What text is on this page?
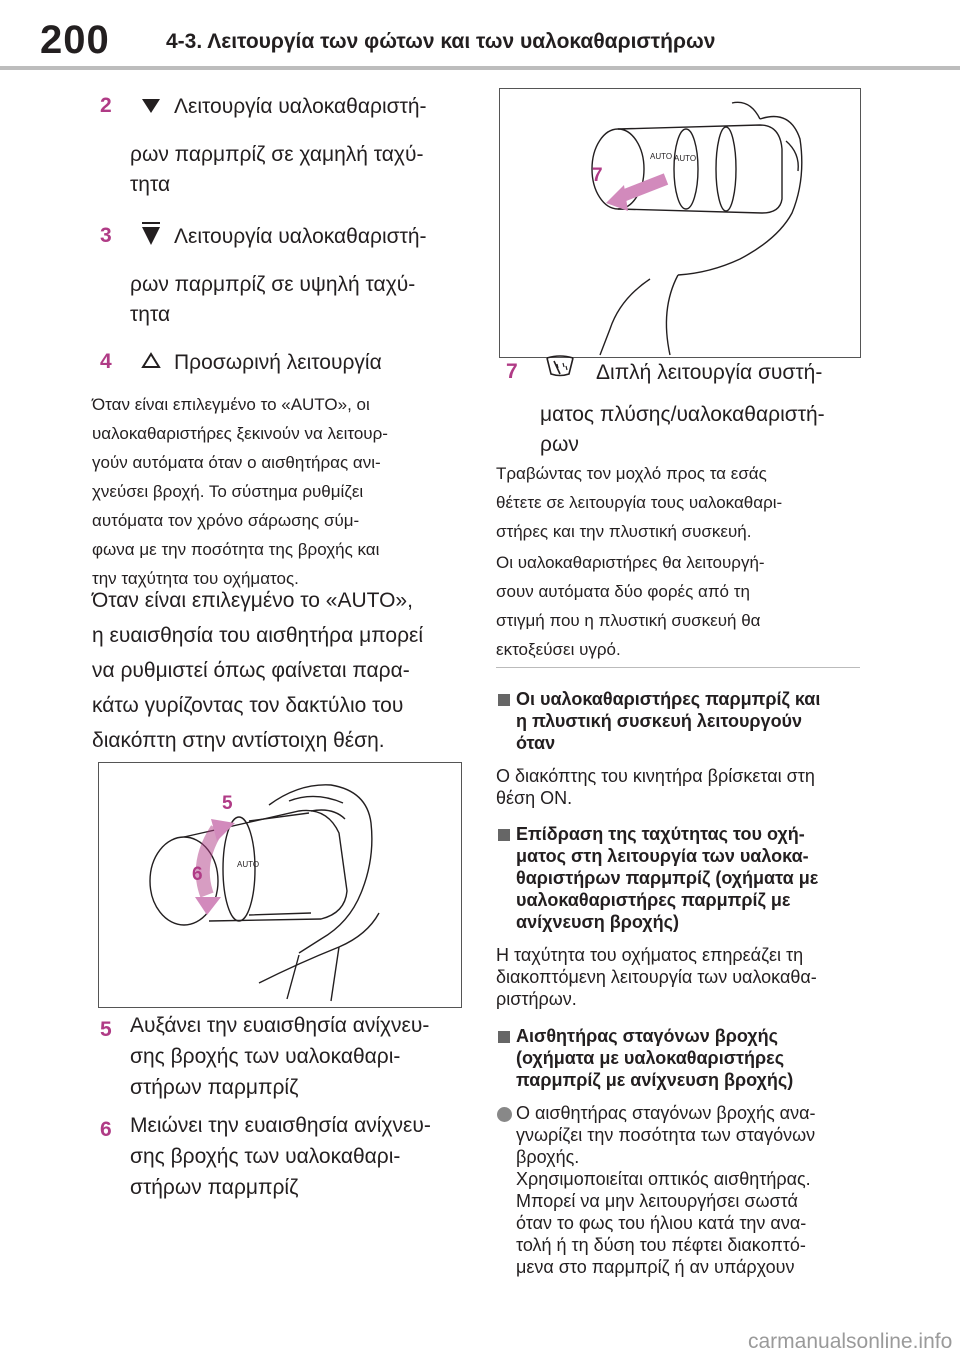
200	4-3. Λειτουργία των φώτων και των υαλοκαθαριστήρων
2	Λειτουργία υαλοκαθαριστή-
ρων παρμπρίζ σε χαμηλή ταχύ-
τητα
3	Λειτουργία υαλοκαθαριστή-
ρων παρμπρίζ σε υψηλή ταχύ-
τητα
4	Προσωρινή λειτουργία
Όταν είναι επιλεγμένο το «AUTO», οι
υαλοκαθαριστήρες ξεκινούν να λειτουρ-
γούν αυτόματα όταν ο αισθητήρας ανι-
χνεύσει βροχή. Το σύστημα ρυθμίζει
αυτόματα τον χρόνο σάρωσης σύμ-
φωνα με την ποσότητα της βροχής και
την ταχύτητα του οχήματος.
Όταν είναι επιλεγμένο το «AUTO»,
η ευαισθησία του αισθητήρα μπορεί
να ρυθμιστεί όπως φαίνεται παρα-
κάτω γυρίζοντας τον δακτύλιο του
διακόπτη στην αντίστοιχη θέση.
AUTO
5
6
5 Αυξάνει την ευαισθησία ανίχνευ-
σης βροχής των υαλοκαθαρι-
στήρων παρμπρίζ
6 Μειώνει την ευαισθησία ανίχνευ-
σης βροχής των υαλοκαθαρι-
στήρων παρμπρίζ
AUTO AUTO
7
7	Διπλή λειτουργία συστή-
ματος πλύσης/υαλοκαθαριστή-
ρων
Τραβώντας τον μοχλό προς τα εσάς
θέτετε σε λειτουργία τους υαλοκαθαρι-
στήρες και την πλυστική συσκευή.
Οι υαλοκαθαριστήρες θα λειτουργή-
σουν αυτόματα δύο φορές από τη
στιγμή που η πλυστική συσκευή θα
εκτοξεύσει υγρό.
Οι υαλοκαθαριστήρες παρμπρίζ και
η πλυστική συσκευή λειτουργούν
όταν
Ο διακόπτης του κινητήρα βρίσκεται στη
θέση ON.
Επίδραση της ταχύτητας του οχή-
ματος στη λειτουργία των υαλοκα-
θαριστήρων παρμπρίζ (οχήματα με
υαλοκαθαριστήρες παρμπρίζ με
ανίχνευση βροχής)
Η ταχύτητα του οχήματος επηρεάζει τη
διακοπτόμενη λειτουργία των υαλοκαθα-
ριστήρων.
Αισθητήρας σταγόνων βροχής
(οχήματα με υαλοκαθαριστήρες
παρμπρίζ με ανίχνευση βροχής)
Ο αισθητήρας σταγόνων βροχής ανα-
γνωρίζει την ποσότητα των σταγόνων
βροχής.
Χρησιμοποιείται οπτικός αισθητήρας.
Μπορεί να μην λειτουργήσει σωστά
όταν το φως του ήλιου κατά την ανα-
τολή ή τη δύση του πέφτει διακοπτό-
μενα στο παρμπρίζ ή αν υπάρχουν
carmanualsonline.info
